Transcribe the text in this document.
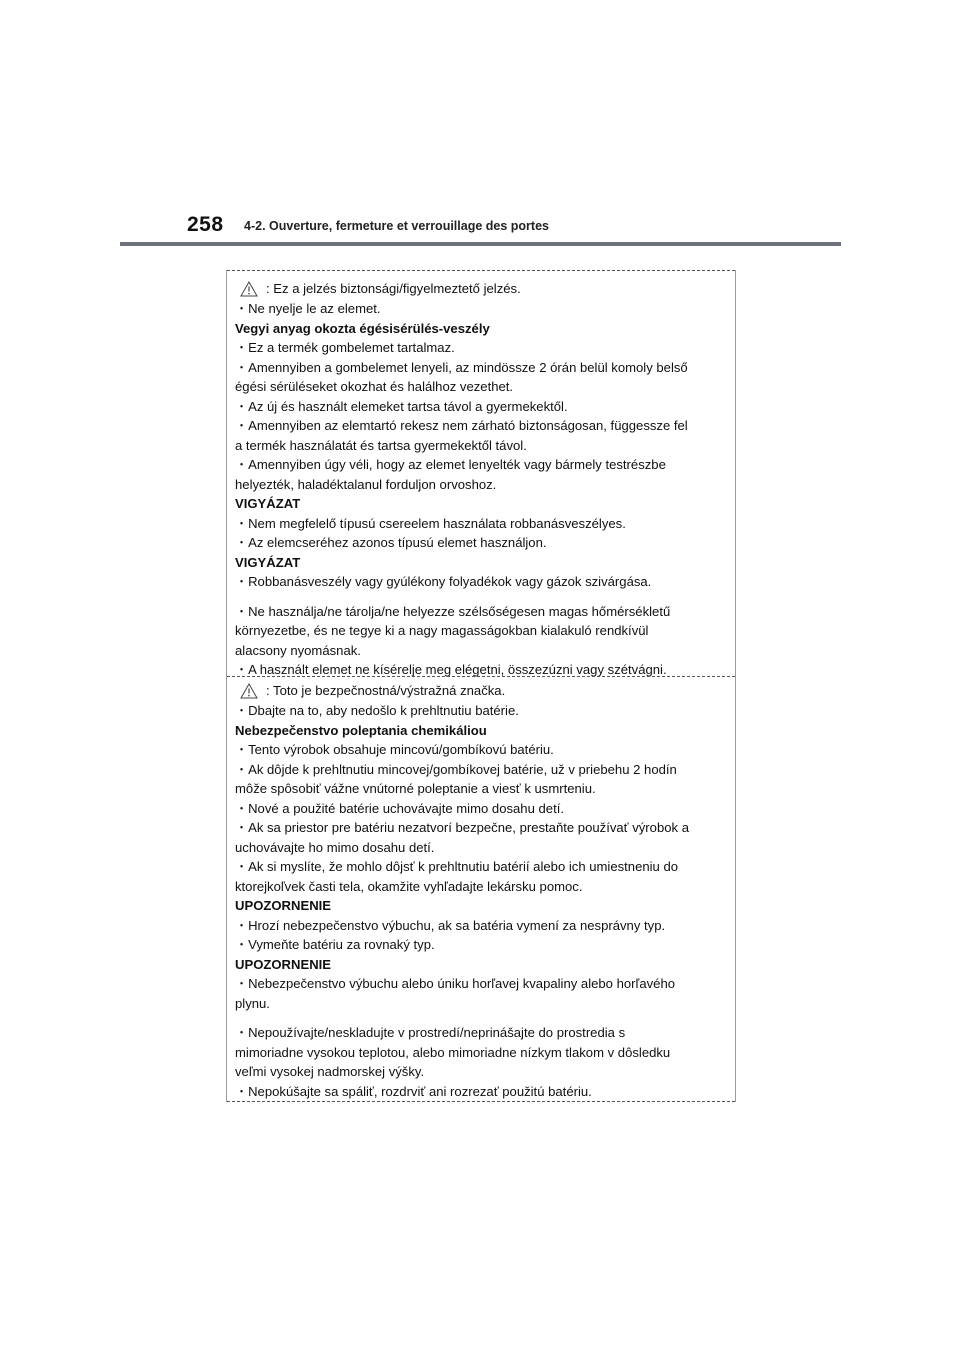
258 4-2. Ouverture, fermeture et verrouillage des portes
: Ez a jelzés biztonsági/figyelmeztető jelzés.
・Ne nyelje le az elemet.
Vegyi anyag okozta égésisérülés-veszély
・Ez a termék gombelemet tartalmaz.
・Amennyiben a gombelemet lenyeli, az mindössze 2 órán belül komoly belső
égési sérüléseket okozhat és halálhoz vezethet.
・Az új és használt elemeket tartsa távol a gyermekektől.
・Amennyiben az elemtartó rekesz nem zárható biztonságosan, függessze fel
a termék használatát és tartsa gyermekektől távol.
・Amennyiben úgy véli, hogy az elemet lenyelték vagy bármely testrészbe
helyezték, haladéktalanul forduljon orvoshoz.
VIGYÁZAT
・Nem megfelelő típusú csereelem használata robbanásveszélyes.
・Az elemcseréhez azonos típusú elemet használjon.
VIGYÁZAT
・Robbanásveszély vagy gyúlékony folyadékok vagy gázok szivárgása.
・Ne használja/ne tárolja/ne helyezze szélsőségesen magas hőmérsékletű
környezetbe, és ne tegye ki a nagy magasságokban kialakuló rendkívül
alacsony nyomásnak.
・A használt elemet ne kísérelje meg elégetni, összezúzni vagy szétvágni.
: Toto je bezpečnostná/výstražná značka.
・Dbajte na to, aby nedošlo k prehltnutiu batérie.
Nebezpečenstvo poleptania chemikáliou
・Tento výrobok obsahuje mincovú/gombíkovú batériu.
・Ak dôjde k prehltnutiu mincovej/gombíkovej batérie, už v priebehu 2 hodín
môže spôsobiť vážne vnútorné poleptanie a viesť k usmrteniu.
・Nové a použité batérie uchovávajte mimo dosahu detí.
・Ak sa priestor pre batériu nezatvorí bezpečne, prestaňte používať výrobok a
uchovávajte ho mimo dosahu detí.
・Ak si myslíte, že mohlo dôjsť k prehltnutiu batérií alebo ich umiestneniu do
ktorejkoľvek časti tela, okamžite vyhľadajte lekársku pomoc.
UPOZORNENIE
・Hrozí nebezpečenstvo výbuchu, ak sa batéria vymení za nesprávny typ.
・Vymeňte batériu za rovnaký typ.
UPOZORNENIE
・Nebezpečenstvo výbuchu alebo úniku horľavej kvapaliny alebo horľavého
plynu.
・Nepoužívajte/neskladujte v prostredí/neprinášajte do prostredia s
mimoriadne vysokou teplotou, alebo mimoriadne nízkym tlakom v dôsledku
veľmi vysokej nadmorskej výšky.
・Nepokúšajte sa spáliť, rozdrviť ani rozrezať použitú batériu.
